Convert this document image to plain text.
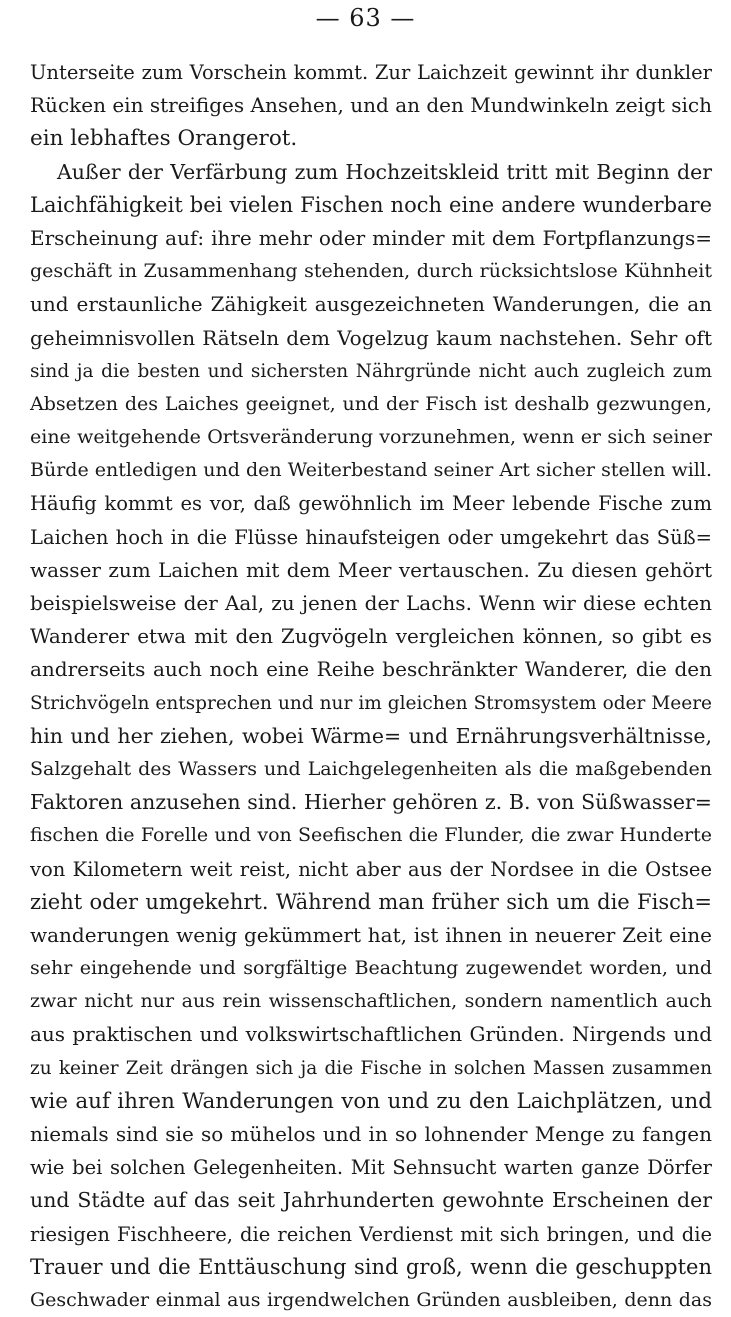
— 63 —
Unterseite zum Vorschein kommt. Zur Laichzeit gewinnt ihr dunkler
Rücken ein streifiges Ansehen, und an den Mundwinkeln zeigt sich
ein lebhaftes Orangerot.
Außer der Verfärbung zum Hochzeitskleid tritt mit Beginn der
Laichfähigkeit bei vielen Fischen noch eine andere wunderbare
Erscheinung auf: ihre mehr oder minder mit dem Fortpflanzungs=
geschäft in Zusammenhang stehenden, durch rücksichtslose Kühnheit
und erstaunliche Zähigkeit ausgezeichneten Wanderungen, die an
geheimnisvollen Rätseln dem Vogelzug kaum nachstehen. Sehr oft
sind ja die besten und sichersten Nährgründe nicht auch zugleich zum
Absetzen des Laiches geeignet, und der Fisch ist deshalb gezwungen,
eine weitgehende Ortsveränderung vorzunehmen, wenn er sich seiner
Bürde entledigen und den Weiterbestand seiner Art sicher stellen will.
Häufig kommt es vor, daß gewöhnlich im Meer lebende Fische zum
Laichen hoch in die Flüsse hinaufsteigen oder umgekehrt das Süß=
wasser zum Laichen mit dem Meer vertauschen. Zu diesen gehört
beispielsweise der Aal, zu jenen der Lachs. Wenn wir diese echten
Wanderer etwa mit den Zugvögeln vergleichen können, so gibt es
andrerseits auch noch eine Reihe beschränkter Wanderer, die den
Strichvögeln entsprechen und nur im gleichen Stromsystem oder Meere
hin und her ziehen, wobei Wärme= und Ernährungsverhältnisse,
Salzgehalt des Wassers und Laichgelegenheiten als die maßgebenden
Faktoren anzusehen sind. Hierher gehören z. B. von Süßwasser=
fischen die Forelle und von Seefischen die Flunder, die zwar Hunderte
von Kilometern weit reist, nicht aber aus der Nordsee in die Ostsee
zieht oder umgekehrt. Während man früher sich um die Fisch=
wanderungen wenig gekümmert hat, ist ihnen in neuerer Zeit eine
sehr eingehende und sorgfältige Beachtung zugewendet worden, und
zwar nicht nur aus rein wissenschaftlichen, sondern namentlich auch
aus praktischen und volkswirtschaftlichen Gründen. Nirgends und
zu keiner Zeit drängen sich ja die Fische in solchen Massen zusammen
wie auf ihren Wanderungen von und zu den Laichplätzen, und
niemals sind sie so mühelos und in so lohnender Menge zu fangen
wie bei solchen Gelegenheiten. Mit Sehnsucht warten ganze Dörfer
und Städte auf das seit Jahrhunderten gewohnte Erscheinen der
riesigen Fischheere, die reichen Verdienst mit sich bringen, und die
Trauer und die Enttäuschung sind groß, wenn die geschuppten
Geschwader einmal aus irgendwelchen Gründen ausbleiben, denn das
